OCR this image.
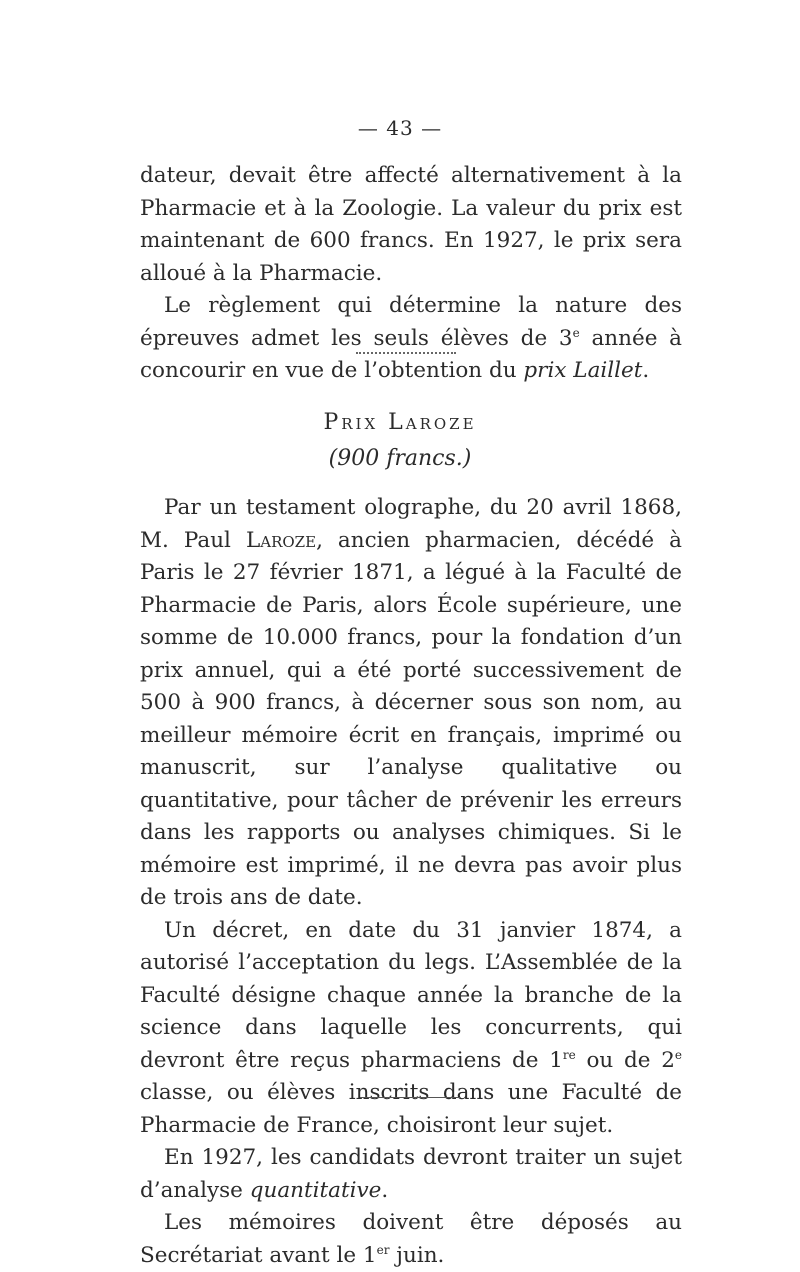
— 43 —

dateur, devait être affecté alternativement à la Pharmacie et à la Zoologie. La valeur du prix est maintenant de 600 francs. En 1927, le prix sera alloué à la Pharmacie.

Le règlement qui détermine la nature des épreuves admet les seuls élèves de 3e année à concourir en vue de l’obtention du prix Laillet.

Prix Laroze
(900 francs.)

Par un testament olographe, du 20 avril 1868, M. Paul Laroze, ancien pharmacien, décédé à Paris le 27 février 1871, a légué à la Faculté de Pharmacie de Paris, alors École supérieure, une somme de 10.000 francs, pour la fondation d’un prix annuel, qui a été porté successivement de 500 à 900 francs, à décerner sous son nom, au meilleur mémoire écrit en français, imprimé ou manuscrit, sur l’analyse qualitative ou quantitative, pour tâcher de prévenir les erreurs dans les rapports ou analyses chimiques. Si le mémoire est imprimé, il ne devra pas avoir plus de trois ans de date.

Un décret, en date du 31 janvier 1874, a autorisé l’acceptation du legs. L’Assemblée de la Faculté désigne chaque année la branche de la science dans laquelle les concurrents, qui devront être reçus pharmaciens de 1re ou de 2e classe, ou élèves inscrits dans une Faculté de Pharmacie de France, choisiront leur sujet.

En 1927, les candidats devront traiter un sujet d’analyse quantitative.

Les mémoires doivent être déposés au Secrétariat avant le 1er juin.
